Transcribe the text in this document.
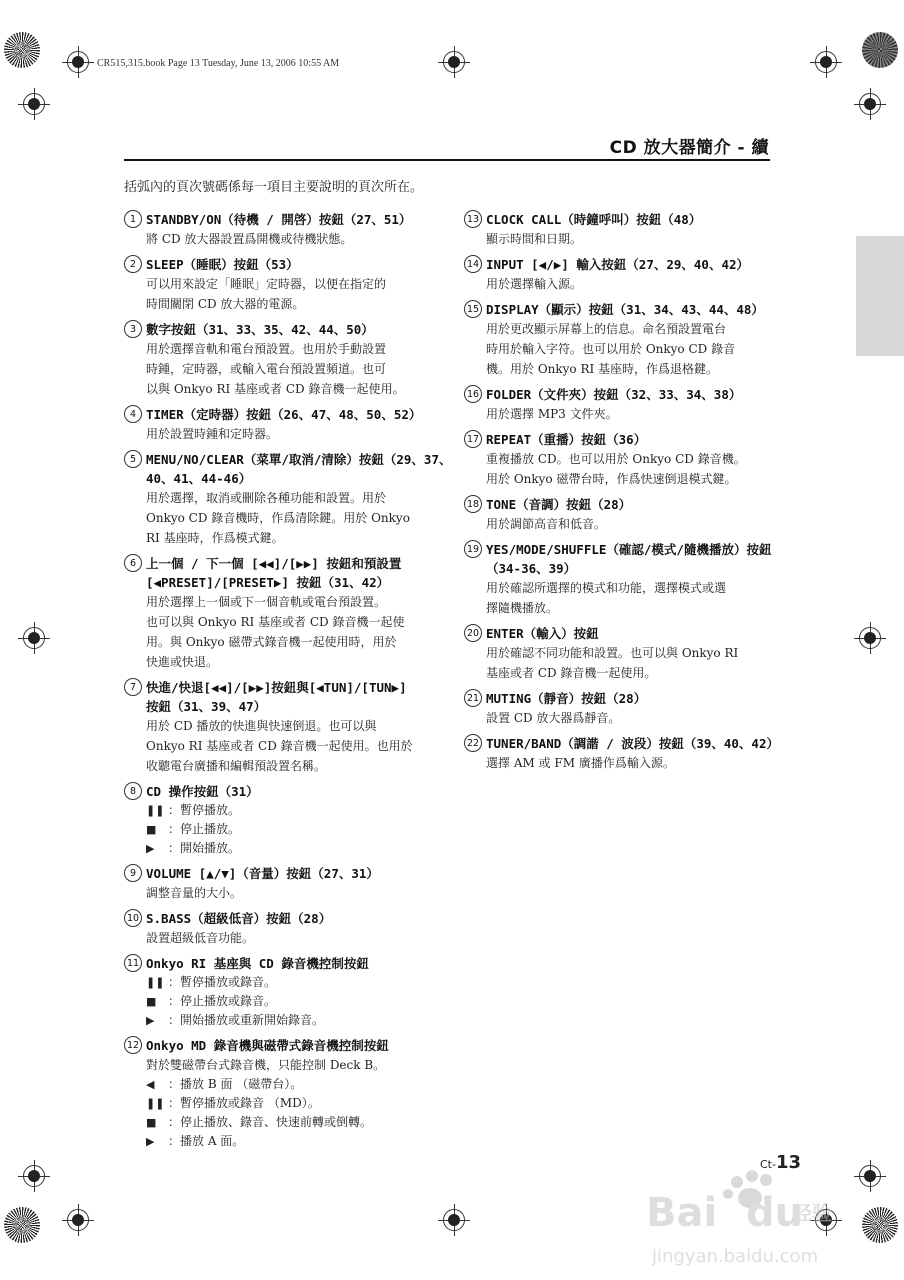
CR515,315.book Page 13 Tuesday, June 13, 2006 10:55 AM
CD 放大器簡介 - 續
括弧內的頁次號碼係每一項目主要說明的頁次所在。
1 STANDBY/ON（待機 / 開啓）按鈕（27、51）
將 CD 放大器設置爲開機或待機狀態。
2 SLEEP（睡眠）按鈕（53）
可以用來設定「睡眠」定時器，以便在指定的
時間關閉 CD 放大器的電源。
3 數字按鈕（31、33、35、42、44、50）
用於選擇音軌和電台預設置。也用於手動設置
時鍾，定時器，或輸入電台預設置頻道。也可
以與 Onkyo RI 基座或者 CD 錄音機一起使用。
4 TIMER（定時器）按鈕（26、47、48、50、52）
用於設置時鍾和定時器。
5 MENU/NO/CLEAR（菜單/取消/清除）按鈕（29、37、
40、41、44-46）
用於選擇，取消或刪除各種功能和設置。用於
Onkyo CD 錄音機時，作爲清除鍵。用於 Onkyo
RI 基座時，作爲模式鍵。
6 上一個 / 下一個 [◀◀]/[▶▶] 按鈕和預設置
[◀PRESET]/[PRESET▶] 按鈕（31、42）
用於選擇上一個或下一個音軌或電台預設置。
也可以與 Onkyo RI 基座或者 CD 錄音機一起使
用。與 Onkyo 磁帶式錄音機一起使用時，用於
快進或快退。
7 快進/快退[◀◀]/[▶▶]按鈕與[◀TUN]/[TUN▶]
按鈕（31、39、47）
用於 CD 播放的快進與快速倒退。也可以與
Onkyo RI 基座或者 CD 錄音機一起使用。也用於
收聽電台廣播和編輯預設置名稱。
8 CD 操作按鈕（31）
❚❚ ：暫停播放。
■ ：停止播放。
▶ ：開始播放。
9 VOLUME [▲/▼]（音量）按鈕（27、31）
調整音量的大小。
10 S.BASS（超級低音）按鈕（28）
設置超級低音功能。
11 Onkyo RI 基座與 CD 錄音機控制按鈕
❚❚ ：暫停播放或錄音。
■ ：停止播放或錄音。
▶ ：開始播放或重新開始錄音。
12 Onkyo MD 錄音機與磁帶式錄音機控制按鈕
對於雙磁帶台式錄音機，只能控制 Deck B。
◀ ：播放 B 面 （磁帶台）。
❚❚ ：暫停播放或錄音 （MD）。
■ ：停止播放、錄音、快速前轉或倒轉。
▶ ：播放 A 面。
13 CLOCK CALL（時鐘呼叫）按鈕（48）
顯示時間和日期。
14 INPUT [◀/▶] 輸入按鈕（27、29、40、42）
用於選擇輸入源。
15 DISPLAY（顯示）按鈕（31、34、43、44、48）
用於更改顯示屏幕上的信息。命名預設置電台
時用於輸入字符。也可以用於 Onkyo CD 錄音
機。用於 Onkyo RI 基座時，作爲退格鍵。
16 FOLDER（文件夾）按鈕（32、33、34、38）
用於選擇 MP3 文件夾。
17 REPEAT（重播）按鈕（36）
重複播放 CD。也可以用於 Onkyo CD 錄音機。
用於 Onkyo 磁帶台時，作爲快速倒退模式鍵。
18 TONE（音調）按鈕（28）
用於調節高音和低音。
19 YES/MODE/SHUFFLE（確認/模式/隨機播放）按鈕
（34-36、39）
用於確認所選擇的模式和功能，選擇模式或選
擇隨機播放。
20 ENTER（輸入）按鈕
用於確認不同功能和設置。也可以與 Onkyo RI
基座或者 CD 錄音機一起使用。
21 MUTING（靜音）按鈕（28）
設置 CD 放大器爲靜音。
22 TUNER/BAND（調諧 / 波段）按鈕（39、40、42）
選擇 AM 或 FM 廣播作爲輸入源。
Ct-13
Bai du
经验
jingyan.baidu.com
